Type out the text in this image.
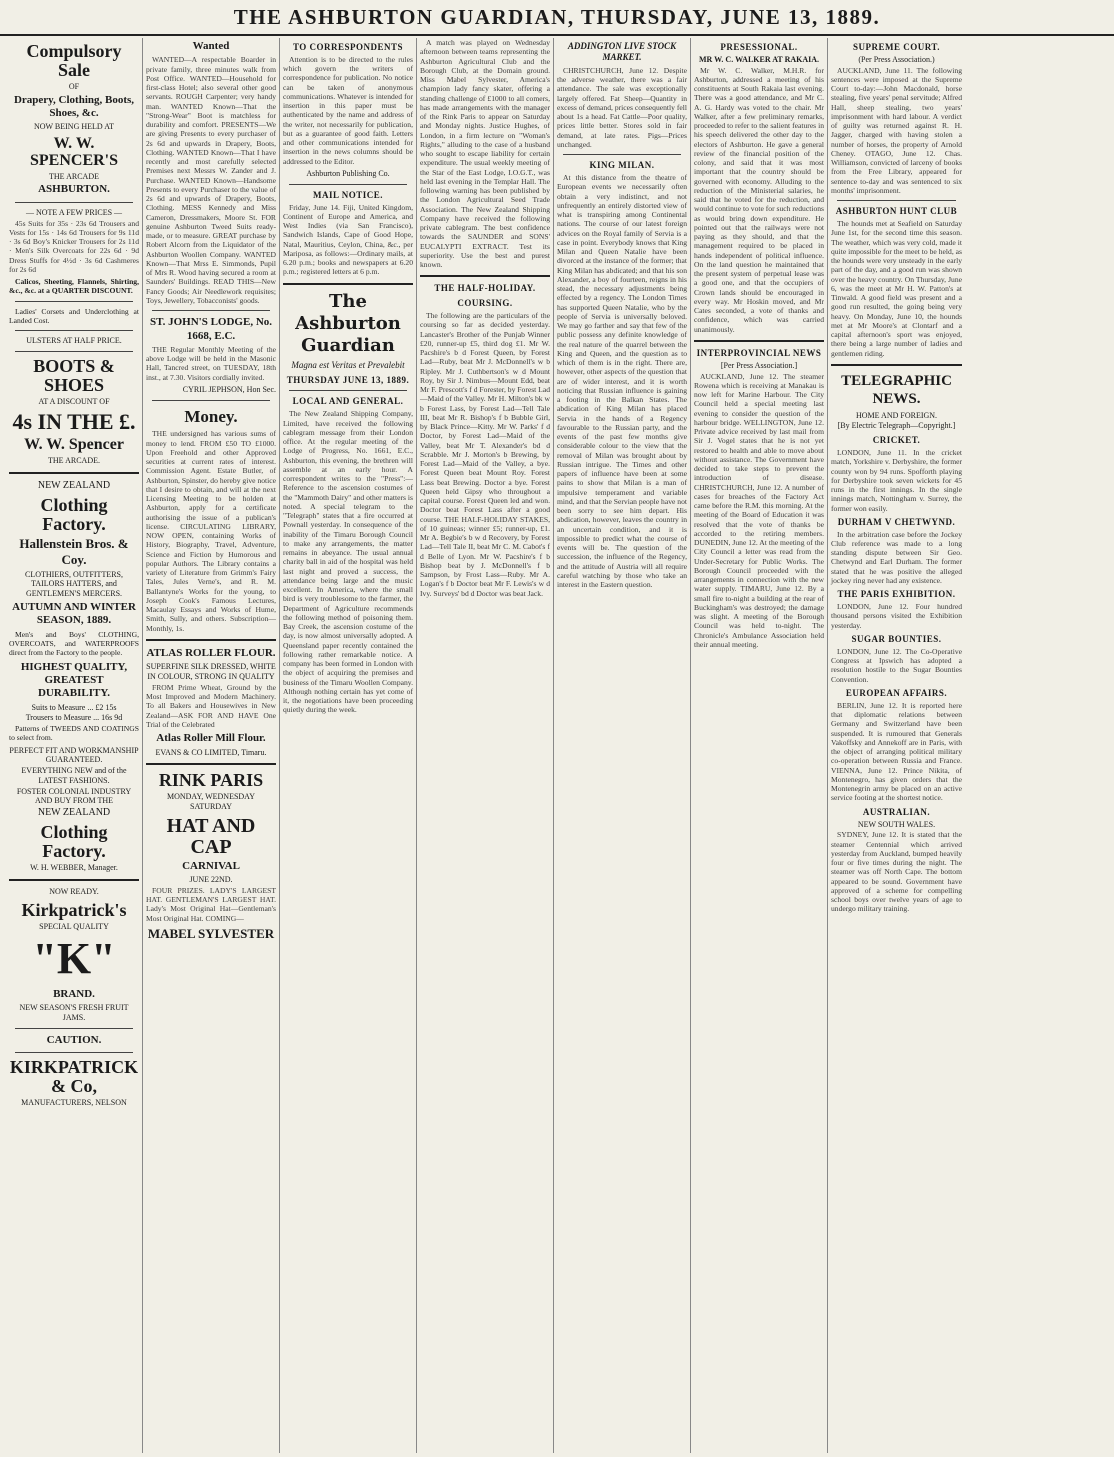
THE ASHBURTON GUARDIAN, THURSDAY, JUNE 13, 1889.
Compulsory Sale
OF
Drapery, Clothing, Boots, Shoes, &c.
NOW BEING HELD AT
W. W. SPENCER'S
THE ARCADE
ASHBURTON.
— NOTE A FEW PRICES —

45s Suits for 35s · 23s 6d Trousers and Vests for 15s · 14s 6d Trousers for 9s 11d · 3s 6d Boy's Knicker Trousers for 2s 11d · Men's Silk Overcoats for 22s 6d · 9d Dress Stuffs for 4½d · 3s 6d Cashmeres for 2s 6d

Calicos, Sheeting, Flannels, Shirting, &c., &c. at a QUARTER DISCOUNT.

Ladies' Corsets and Underclothing at Landed Cost.

ULSTERS AT HALF PRICE.
BOOTS & SHOES
AT A DISCOUNT OF
4s IN THE £.
W. W. Spencer
THE ARCADE.
NEW ZEALAND
Clothing Factory.
Hallenstein Bros. & Coy.
CLOTHIERS, OUTFITTERS, TAILORS HATTERS, and GENTLEMEN'S MERCERS.
AUTUMN AND WINTER SEASON, 1889.

Men's and Boys' CLOTHING, OVERCOATS, and WATERPROOFS direct from the Factory to the people.

HIGHEST QUALITY, GREATEST DURABILITY.
Suits to Measure ... £2 15s
Trousers to Measure ... 16s 9d

Patterns of TWEEDS AND COATINGS to select from.

PERFECT FIT AND WORKMANSHIP GUARANTEED.
EVERYTHING NEW and of the LATEST FASHIONS.
FOSTER COLONIAL INDUSTRY AND BUY FROM THE
NEW ZEALAND
Clothing Factory.
W. H. WEBBER, Manager.
NOW READY.
Kirkpatrick's
SPECIAL QUALITY
"K"
BRAND.
NEW SEASON'S FRESH FRUIT JAMS.
CAUTION.
KIRKPATRICK & Co,
MANUFACTURERS, NELSON
Wanted

WANTED—A respectable Boarder in private family, three minutes walk from Post Office. WANTED—Household for first-class Hotel; also several other good servants. ROUGH Carpenter; very handy man. WANTED Known—That the "Strong-Wear" Boot is matchless for durability and comfort. PRESENTS—We are giving Presents to every purchaser of 2s 6d and upwards in Drapery, Boots, Clothing. WANTED Known—That I have recently and most carefully selected Premises next Messrs W. Zander and J. Purchase. WANTED Known—Handsome Presents to every Purchaser to the value of 2s 6d and upwards of Drapery, Boots, Clothing. MESS Kennedy and Miss Cameron, Dressmakers, Moore St. FOR genuine Ashburton Tweed Suits ready-made, or to measure. GREAT purchase by Robert Alcorn from the Liquidator of the Ashburton Woollen Company. WANTED Known—That Mrss E. Simmonds, Pupil of Mrs R. Wood having secured a room at Saunders' Buildings. READ THIS—New Fancy Goods; Air Needlework requisites; Toys, Jewellery, Tobacconists' goods.

ST. JOHN'S LODGE, No. 1668, E.C.

THE Regular Monthly Meeting of the above Lodge will be held in the Masonic Hall, Tancred street, on TUESDAY, 18th inst., at 7.30. Visitors cordially invited.

CYRIL JEPHSON, Hon Sec.
Money.

THE undersigned has various sums of money to lend. FROM £50 TO £1000. Upon Freehold and other Approved securities at current rates of interest. Commission Agent. Estate Butler, of Ashburton, Spinster, do hereby give notice that I desire to obtain, and will at the next Licensing Meeting to be holden at Ashburton, apply for a certificate authorising the issue of a publican's license. CIRCULATING LIBRARY, NOW OPEN, containing Works of History, Biography, Travel, Adventure, Science and Fiction by Humorous and popular Authors. The Library contains a variety of Literature from Grimm's Fairy Tales, Jules Verne's, and R. M. Ballantyne's Works for the young, to Joseph Cook's Famous Lectures, Macaulay Essays and Works of Hume, Smith, Sully, and others. Subscription—Monthly, 1s.

ATLAS ROLLER FLOUR.
SUPERFINE SILK DRESSED, WHITE IN COLOUR, STRONG IN QUALITY

FROM Prime Wheat, Ground by the Most Improved and Modern Machinery. To all Bakers and Housewives in New Zealand—ASK FOR AND HAVE One Trial of the Celebrated

Atlas Roller Mill Flour.
EVANS & CO LIMITED, Timaru.
RINK PARIS
MONDAY, WEDNESDAY SATURDAY
HAT AND CAP
CARNIVAL
JUNE 22ND.

FOUR PRIZES. LADY'S LARGEST HAT. GENTLEMAN'S LARGEST HAT. Lady's Most Original Hat—Gentleman's Most Original Hat. COMING—

MABEL SYLVESTER
TO CORRESPONDENTS

Attention is to be directed to the rules which govern the writers of correspondence for publication. No notice can be taken of anonymous communications. Whatever is intended for insertion in this paper must be authenticated by the name and address of the writer, not necessarily for publication, but as a guarantee of good faith. Letters and other communications intended for insertion in the news columns should be addressed to the Editor.

Ashburton Publishing Co.
MAIL NOTICE.

Friday, June 14. Fiji, United Kingdom, Continent of Europe and America, and West Indies (via San Francisco), Sandwich Islands, Cape of Good Hope, Natal, Mauritius, Ceylon, China, &c., per Mariposa, as follows:—Ordinary mails, at 6.20 p.m.; books and newspapers at 6.20 p.m.; registered letters at 6 p.m.

The Ashburton Guardian
Magna est Veritas et Prevalebit
THURSDAY JUNE 13, 1889.
LOCAL AND GENERAL.

The New Zealand Shipping Company, Limited, have received the following cablegram message from their London office. At the regular meeting of the Lodge of Progress, No. 1661, E.C., Ashburton, this evening, the brethren will assemble at an early hour. A correspondent writes to the "Press":—Reference to the ascension costumes of the "Mammoth Dairy" and other matters is noted. A special telegram to the "Telegraph" states that a fire occurred at Pownall yesterday. In consequence of the inability of the Timaru Borough Council to make any arrangements, the matter remains in abeyance. The usual annual charity ball in aid of the hospital was held last night and proved a success, the attendance being large and the music excellent. In America, where the small bird is very troublesome to the farmer, the Department of Agriculture recommends the following method of poisoning them. Bay Creek, the ascension costume of the day, is now almost universally adopted. A Queensland paper recently contained the following rather remarkable notice. A company has been formed in London with the object of acquiring the premises and business of the Timaru Woollen Company. Although nothing certain has yet come of it, the negotiations have been proceeding quietly during the week.

A match was played on Wednesday afternoon between teams representing the Ashburton Agricultural Club and the Borough Club, at the Domain ground. Miss Mabel Sylvester, America's champion lady fancy skater, offering a standing challenge of £1000 to all comers, has made arrangements with the manager of the Rink Paris to appear on Saturday and Monday nights. Justice Hughes, of London, in a firm lecture on "Woman's Rights," alluding to the case of a husband who sought to escape liability for certain expenditure. The usual weekly meeting of the Star of the East Lodge, I.O.G.T., was held last evening in the Templar Hall. The following warning has been published by the London Agricultural Seed Trade Association. The New Zealand Shipping Company have received the following private cablegram. The best confidence towards the SAUNDER and SONS' EUCALYPTI EXTRACT. Test its superiority. Use the best and purest known.

THE HALF-HOLIDAY.
COURSING.

The following are the particulars of the coursing so far as decided yesterday. Lancaster's Brother of the Punjab Winner £20, runner-up £5, third dog £1. Mr W. Pacshire's b d Forest Queen, by Forest Lad—Ruby, beat Mr J. McDonnell's w b Ripley. Mr J. Cuthbertson's w d Mount Roy, by Sir J. Nimbus—Mount Edd, beat Mr F. Prescott's f d Forester, by Forest Lad—Maid of the Valley. Mr H. Milton's bk w b Forest Lass, by Forest Lad—Tell Tale III, beat Mr R. Bishop's f b Bubble Girl, by Black Prince—Kitty. Mr W. Parks' f d Doctor, by Forest Lad—Maid of the Valley, beat Mr T. Alexander's bd d Scrabble. Mr J. Morton's b Brewing, by Forest Lad—Maid of the Valley, a bye. Forest Queen beat Mount Roy. Forest Lass beat Brewing. Doctor a bye. Forest Queen held Gipsy who throughout a capital course. Forest Queen led and won. Doctor beat Forest Lass after a good course. THE HALF-HOLIDAY STAKES, of 10 guineas; winner £5; runner-up, £1. Mr A. Begbie's b w d Recovery, by Forest Lad—Tell Tale II, beat Mr C. M. Cabot's f d Belle of Lyon. Mr W. Pacshire's f b Bishop beat by J. McDonnell's f b Sampson, by Frost Lass—Ruby. Mr A. Logan's f b Doctor beat Mr F. Lewis's w d Ivy. Surveys' bd d Doctor was beat Jack.

ADDINGTON LIVE STOCK MARKET.

CHRISTCHURCH, June 12. Despite the adverse weather, there was a fair attendance. The sale was exceptionally largely offered. Fat Sheep—Quantity in excess of demand, prices consequently fell about 1s a head. Fat Cattle—Poor quality, prices little better. Stores sold in fair demand, at late rates. Pigs—Prices unchanged.

KING MILAN.

At this distance from the theatre of European events we necessarily often obtain a very indistinct, and not unfrequently an entirely distorted view of what is transpiring among Continental nations. The course of our latest foreign advices on the Royal family of Servia is a case in point. Everybody knows that King Milan and Queen Natalie have been divorced at the instance of the former; that King Milan has abdicated; and that his son Alexander, a boy of fourteen, reigns in his stead, the necessary adjustments being effected by a regency. The London Times has supported Queen Natalie, who by the people of Servia is universally beloved. We may go farther and say that few of the public possess any definite knowledge of the real nature of the quarrel between the King and Queen, and the question as to which of them is in the right. There are, however, other aspects of the question that are of wider interest, and it is worth noticing that Russian influence is gaining a footing in the Balkan States. The abdication of King Milan has placed Servia in the hands of a Regency favourable to the Russian party, and the events of the past few months give considerable colour to the view that the removal of Milan was brought about by Russian intrigue. The Times and other papers of influence have been at some pains to show that Milan is a man of impulsive temperament and variable mind, and that the Servian people have not been sorry to see him depart. His abdication, however, leaves the country in an uncertain condition, and it is impossible to predict what the course of events will be. The question of the succession, the influence of the Regency, and the attitude of Austria will all require careful watching by those who take an interest in the Eastern question.

PRESESSIONAL.
MR W. C. WALKER AT RAKAIA.

Mr W. C. Walker, M.H.R. for Ashburton, addressed a meeting of his constituents at South Rakaia last evening. There was a good attendance, and Mr C. A. G. Hardy was voted to the chair. Mr Walker, after a few preliminary remarks, proceeded to refer to the salient features in his speech delivered the other day to the electors of Ashburton. He gave a general review of the financial position of the colony, and said that it was most important that the country should be governed with economy. Alluding to the reduction of the Ministerial salaries, he said that he voted for the reduction, and would continue to vote for such reductions as would bring down expenditure. He pointed out that the railways were not paying as they should, and that the management required to be placed in hands independent of political influence. On the land question he maintained that the present system of perpetual lease was a good one, and that the occupiers of Crown lands should be encouraged in every way. Mr Hoskin moved, and Mr Cates seconded, a vote of thanks and confidence, which was carried unanimously.

INTERPROVINCIAL NEWS
[Per Press Association.]

AUCKLAND, June 12. The steamer Rowena which is receiving at Manakau is now left for Marine Harbour. The City Council held a special meeting last evening to consider the question of the harbour bridge. WELLINGTON, June 12. Private advice received by last mail from Sir J. Vogel states that he is not yet restored to health and able to move about without assistance. The Government have decided to take steps to prevent the introduction of disease. CHRISTCHURCH, June 12. A number of cases for breaches of the Factory Act came before the R.M. this morning. At the meeting of the Board of Education it was resolved that the vote of thanks be accorded to the retiring members. DUNEDIN, June 12. At the meeting of the City Council a letter was read from the Under-Secretary for Public Works. The Borough Council proceeded with the arrangements in connection with the new water supply. TIMARU, June 12. By a small fire to-night a building at the rear of Buckingham's was destroyed; the damage was slight. A meeting of the Borough Council was held to-night. The Chronicle's Ambulance Association held their annual meeting.

SUPREME COURT.
(Per Press Association.)

AUCKLAND, June 11. The following sentences were imposed at the Supreme Court to-day:—John Macdonald, horse stealing, five years' penal servitude; Alfred Hall, sheep stealing, two years' imprisonment with hard labour. A verdict of guilty was returned against R. H. Jagger, charged with having stolen a number of horses, the property of Arnold Cheney. OTAGO, June 12. Chas. Williamson, convicted of larceny of books from the Free Library, appeared for sentence to-day and was sentenced to six months' imprisonment.

ASHBURTON HUNT CLUB

The hounds met at Seafield on Saturday June 1st, for the second time this season. The weather, which was very cold, made it quite impossible for the meet to be held, as the hounds were very unsteady in the early part of the day, and a good run was shown over the heavy country. On Thursday, June 6, was the meet at Mr H. W. Patton's at Tinwald. A good field was present and a good run resulted, the going being very heavy. On Monday, June 10, the hounds met at Mr Moore's at Clontarf and a capital afternoon's sport was enjoyed, there being a large number of ladies and gentlemen riding.

TELEGRAPHIC NEWS.
HOME AND FOREIGN.
[By Electric Telegraph—Copyright.]
CRICKET.

LONDON, June 11. In the cricket match, Yorkshire v. Derbyshire, the former county won by 94 runs. Spofforth playing for Derbyshire took seven wickets for 45 runs in the first innings. In the single innings match, Nottingham v. Surrey, the former won easily.

DURHAM V CHETWYND.

In the arbitration case before the Jockey Club reference was made to a long standing dispute between Sir Geo. Chetwynd and Earl Durham. The former stated that he was positive the alleged jockey ring never had any existence.

THE PARIS EXHIBITION.

LONDON, June 12. Four hundred thousand persons visited the Exhibition yesterday.

SUGAR BOUNTIES.

LONDON, June 12. The Co-Operative Congress at Ipswich has adopted a resolution hostile to the Sugar Bounties Convention.

EUROPEAN AFFAIRS.

BERLIN, June 12. It is reported here that diplomatic relations between Germany and Switzerland have been suspended. It is rumoured that Generals Vakoffsky and Annekoff are in Paris, with the object of arranging political military co-operation between Russia and France. VIENNA, June 12. Prince Nikita, of Montenegro, has given orders that the Montenegrin army be placed on an active service footing at the shortest notice.

AUSTRALIAN.
NEW SOUTH WALES.

SYDNEY, June 12. It is stated that the steamer Centennial which arrived yesterday from Auckland, bumped heavily four or five times during the night. The steamer was off North Cape. The bottom appeared to be sound. Government have approved of a scheme for compelling school boys over twelve years of age to undergo military training.
